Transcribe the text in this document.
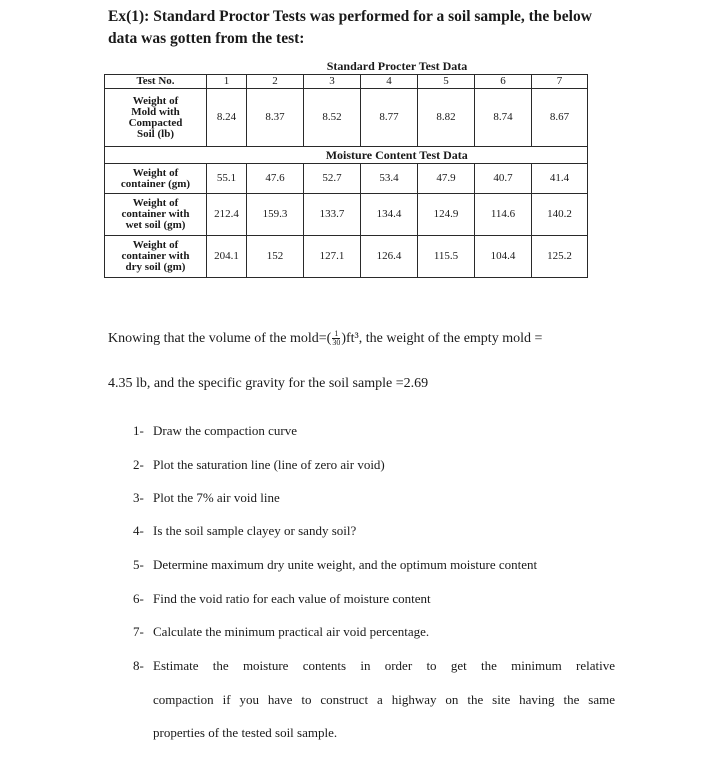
Ex(1): Standard Proctor Tests was performed for a soil sample, the below
data was gotten from the test:
	Standard Procter Test Data						
Test No.	1	2	3	4	5	6	7

Weight of
Mold with
Compacted
Soil (lb)	8.24	8.37	8.52	8.77	8.82	8.74	8.67
	Moisture Content Test Data						

Weight of
container (gm)	55.1	47.6	52.7	53.4	47.9	40.7	41.4

Weight of
container with
wet soil (gm)	212.4	159.3	133.7	134.4	124.9	114.6	140.2

Weight of
container with
dry soil (gm)	204.1	152	127.1	126.4	115.5	104.4	125.2
Knowing that the volume of the mold=( $\frac{1}{30} )ft^3$, the weight of the empty mold =
4.35 lb, and the specific gravity for the soil sample =2.69
1- Draw the compaction curve
2- Plot the saturation line (line of zero air void)
3- Plot the 7% air void line
4- Is the soil sample clayey or sandy soil?
5- Determine maximum dry unite weight, and the optimum moisture content
6- Find the void ratio for each value of moisture content
7- Calculate the minimum practical air void percentage.
8- Estimate the moisture contents in order to get the minimum relative
compaction if you have to construct a highway on the site having the same
properties of the tested soil sample.
